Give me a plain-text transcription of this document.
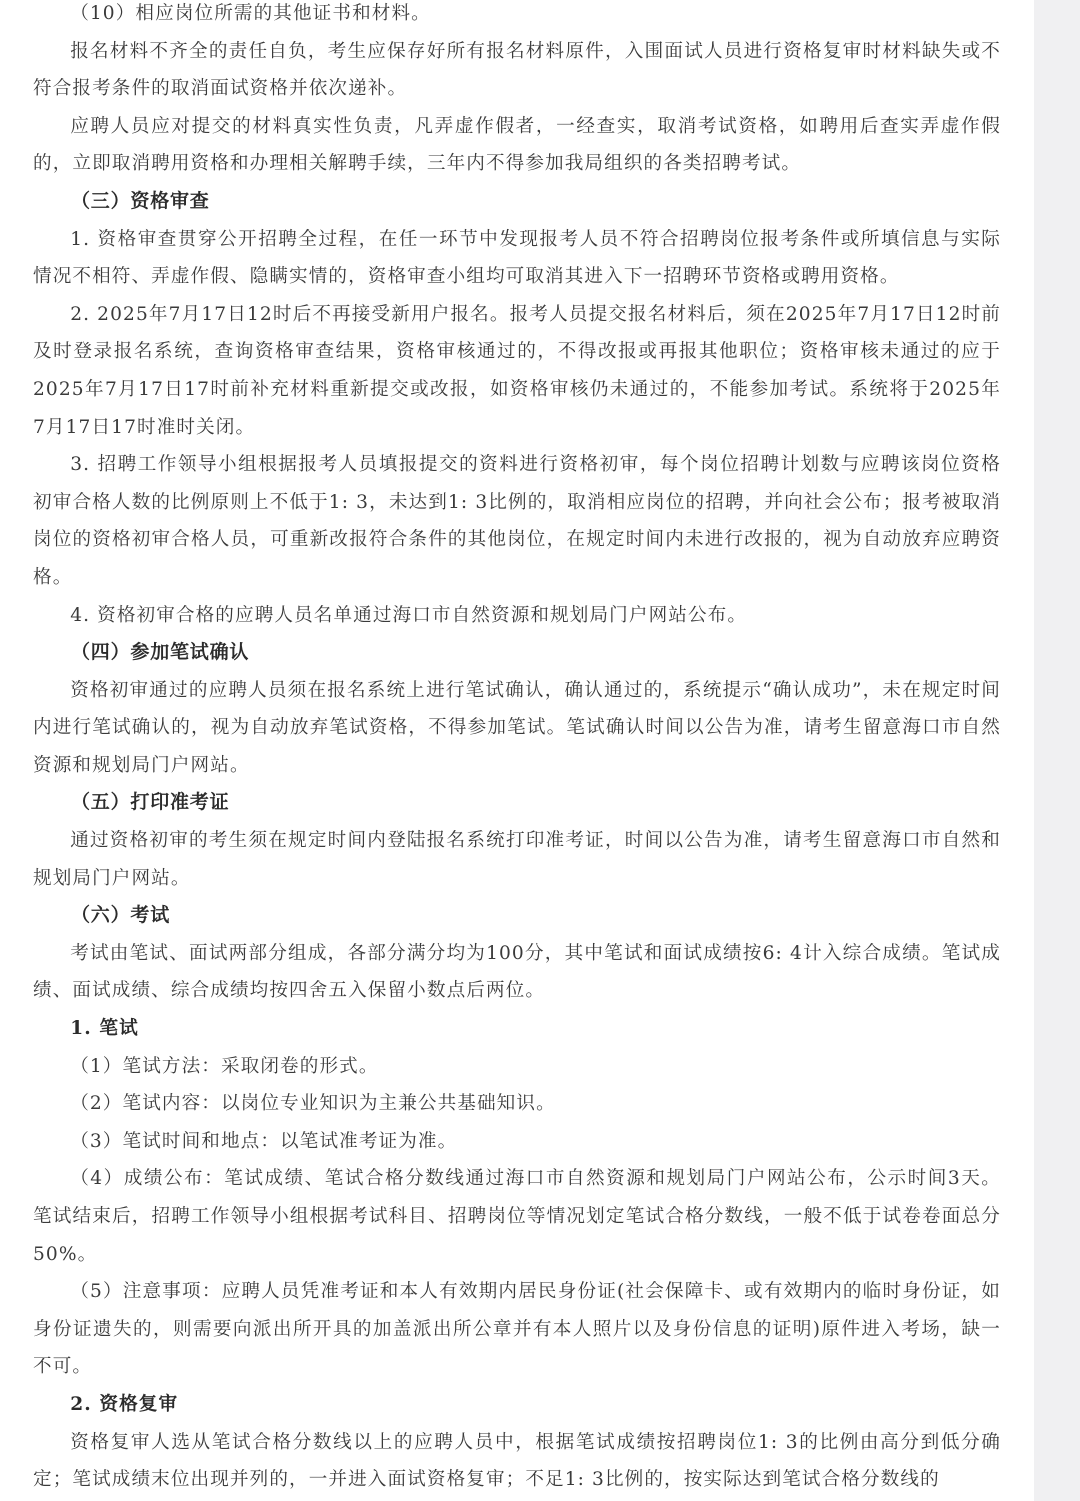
（10）相应岗位所需的其他证书和材料。

报名材料不齐全的责任自负，考生应保存好所有报名材料原件，入围面试人员进行资格复审时材料缺失或不符合报考条件的取消面试资格并依次递补。

应聘人员应对提交的材料真实性负责，凡弄虚作假者，一经查实，取消考试资格，如聘用后查实弄虚作假的，立即取消聘用资格和办理相关解聘手续，三年内不得参加我局组织的各类招聘考试。

（三）资格审查

1. 资格审查贯穿公开招聘全过程，在任一环节中发现报考人员不符合招聘岗位报考条件或所填信息与实际情况不相符、弄虚作假、隐瞒实情的，资格审查小组均可取消其进入下一招聘环节资格或聘用资格。

2. 2025年7月17日12时后不再接受新用户报名。报考人员提交报名材料后，须在2025年7月17日12时前及时登录报名系统，查询资格审查结果，资格审核通过的，不得改报或再报其他职位；资格审核未通过的应于2025年7月17日17时前补充材料重新提交或改报，如资格审核仍未通过的，不能参加考试。系统将于2025年7月17日17时准时关闭。

3. 招聘工作领导小组根据报考人员填报提交的资料进行资格初审，每个岗位招聘计划数与应聘该岗位资格初审合格人数的比例原则上不低于1: 3，未达到1: 3比例的，取消相应岗位的招聘，并向社会公布；报考被取消岗位的资格初审合格人员，可重新改报符合条件的其他岗位，在规定时间内未进行改报的，视为自动放弃应聘资格。

4. 资格初审合格的应聘人员名单通过海口市自然资源和规划局门户网站公布。

（四）参加笔试确认

资格初审通过的应聘人员须在报名系统上进行笔试确认，确认通过的，系统提示“确认成功”，未在规定时间内进行笔试确认的，视为自动放弃笔试资格，不得参加笔试。笔试确认时间以公告为准，请考生留意海口市自然资源和规划局门户网站。

（五）打印准考证

通过资格初审的考生须在规定时间内登陆报名系统打印准考证，时间以公告为准，请考生留意海口市自然和规划局门户网站。

（六）考试

考试由笔试、面试两部分组成，各部分满分均为100分，其中笔试和面试成绩按6: 4计入综合成绩。笔试成绩、面试成绩、综合成绩均按四舍五入保留小数点后两位。

1. 笔试

（1）笔试方法：采取闭卷的形式。

（2）笔试内容：以岗位专业知识为主兼公共基础知识。

（3）笔试时间和地点：以笔试准考证为准。

（4）成绩公布：笔试成绩、笔试合格分数线通过海口市自然资源和规划局门户网站公布，公示时间3天。笔试结束后，招聘工作领导小组根据考试科目、招聘岗位等情况划定笔试合格分数线，一般不低于试卷卷面总分50%。

（5）注意事项：应聘人员凭准考证和本人有效期内居民身份证(社会保障卡、或有效期内的临时身份证，如身份证遗失的，则需要向派出所开具的加盖派出所公章并有本人照片以及身份信息的证明)原件进入考场，缺一不可。

2. 资格复审

资格复审人选从笔试合格分数线以上的应聘人员中，根据笔试成绩按招聘岗位1: 3的比例由高分到低分确定；笔试成绩末位出现并列的，一并进入面试资格复审；不足1: 3比例的，按实际达到笔试合格分数线的
